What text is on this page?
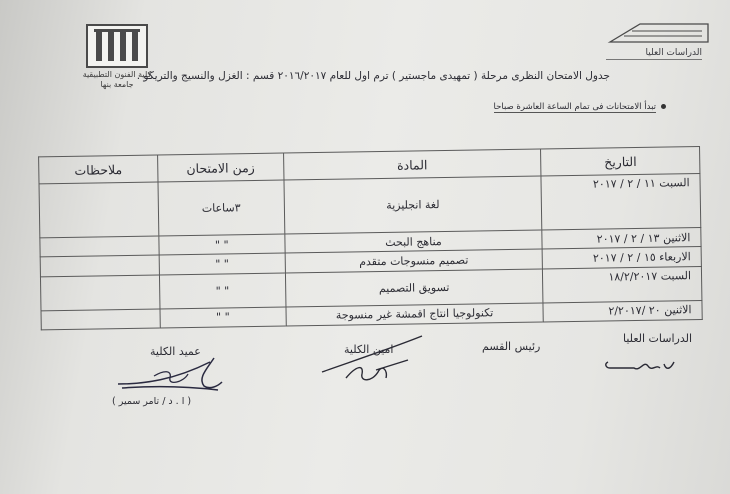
كلية الفنون التطبيقية
جامعة بنها
الدراسات العليا
جدول الامتحان النظرى مرحلة ( تمهيدى ماجستير ) ترم اول للعام ٢٠١٦/٢٠١٧ قسم : الغزل والنسيج والتريكو .
تبدأ الامتحانات فى تمام الساعة العاشرة صباحا
التاريخ	المادة	زمن الامتحان	ملاحظات
السبت ١١ / ٢ / ٢٠١٧	لغة انجليزية	٣ساعات	
الاثنين ١٣ / ٢ / ٢٠١٧	مناهج البحث	" "	
الاربعاء ١٥ / ٢ / ٢٠١٧	تصميم منسوجات متقدم	" "	
السبت ١٨/٢/٢٠١٧	تسويق التصميم	" "	
الاثنين ٢٠ /٢/٢٠١٧	تكنولوجيا انتاج اقمشة غير منسوجة	" "	
الدراسات العليا
رئيس القسم
امين الكلية
عميد الكلية
( ا . د / تامر سمير )
